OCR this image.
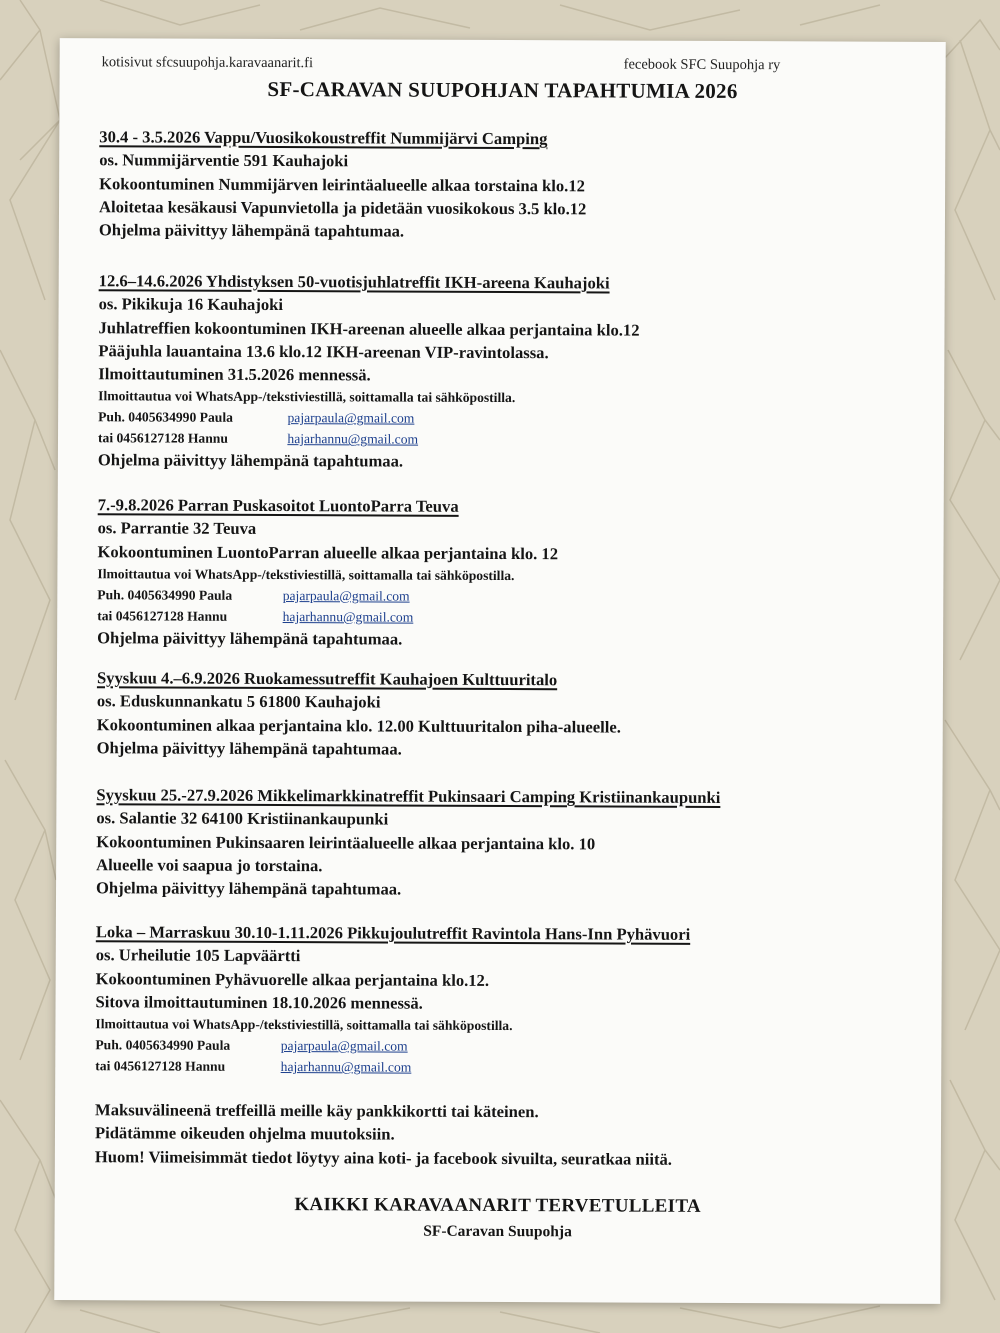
kotisivut sfcsuupohja.karavaanarit.fi	fecebook SFC Suupohja ry
SF-CARAVAN SUUPOHJAN TAPAHTUMIA 2026
30.4 - 3.5.2026 Vappu/Vuosikokoustreffit Nummijärvi Camping
os. Nummijärventie 591 Kauhajoki
Kokoontuminen Nummijärven leirintäalueelle alkaa torstaina klo.12
Aloitetaa kesäkausi Vapunvietolla ja pidetään vuosikokous 3.5 klo.12
Ohjelma päivittyy lähempänä tapahtumaa.
12.6–14.6.2026 Yhdistyksen 50-vuotisjuhlatreffit IKH-areena Kauhajoki
os. Pikikuja 16 Kauhajoki
Juhlatreffien kokoontuminen IKH-areenan alueelle alkaa perjantaina klo.12
Pääjuhla lauantaina 13.6 klo.12 IKH-areenan VIP-ravintolassa.
Ilmoittautuminen 31.5.2026 mennessä.
Ilmoittautua voi WhatsApp-/tekstiviestillä, soittamalla tai sähköpostilla.
Puh. 0405634990 Paula	pajarpaula@gmail.com
tai 0456127128 Hannu	hajarhannu@gmail.com
Ohjelma päivittyy lähempänä tapahtumaa.
7.-9.8.2026 Parran Puskasoitot LuontoParra Teuva
os. Parrantie 32 Teuva
Kokoontuminen LuontoParran alueelle alkaa perjantaina klo. 12
Ilmoittautua voi WhatsApp-/tekstiviestillä, soittamalla tai sähköpostilla.
Puh. 0405634990 Paula	pajarpaula@gmail.com
tai 0456127128 Hannu	hajarhannu@gmail.com
Ohjelma päivittyy lähempänä tapahtumaa.
Syyskuu 4.–6.9.2026 Ruokamessutreffit Kauhajoen Kulttuuritalo
os. Eduskunnankatu 5 61800 Kauhajoki
Kokoontuminen alkaa perjantaina klo. 12.00 Kulttuuritalon piha-alueelle.
Ohjelma päivittyy lähempänä tapahtumaa.
Syyskuu 25.-27.9.2026 Mikkelimarkkinatreffit Pukinsaari Camping Kristiinankaupunki
os. Salantie 32 64100 Kristiinankaupunki
Kokoontuminen Pukinsaaren leirintäalueelle alkaa perjantaina klo. 10
Alueelle voi saapua jo torstaina.
Ohjelma päivittyy lähempänä tapahtumaa.
Loka – Marraskuu 30.10-1.11.2026 Pikkujoulutreffit Ravintola Hans-Inn Pyhävuori
os. Urheilutie 105 Lapväärtti
Kokoontuminen Pyhävuorelle alkaa perjantaina klo.12.
Sitova ilmoittautuminen 18.10.2026 mennessä.
Ilmoittautua voi WhatsApp-/tekstiviestillä, soittamalla tai sähköpostilla.
Puh. 0405634990 Paula	pajarpaula@gmail.com
tai 0456127128 Hannu	hajarhannu@gmail.com
Maksuvälineenä treffeillä meille käy pankkikortti tai käteinen.
Pidätämme oikeuden ohjelma muutoksiin.
Huom! Viimeisimmät tiedot löytyy aina koti- ja facebook sivuilta, seuratkaa niitä.
KAIKKI KARAVAANARIT TERVETULLEITA
SF-Caravan Suupohja
